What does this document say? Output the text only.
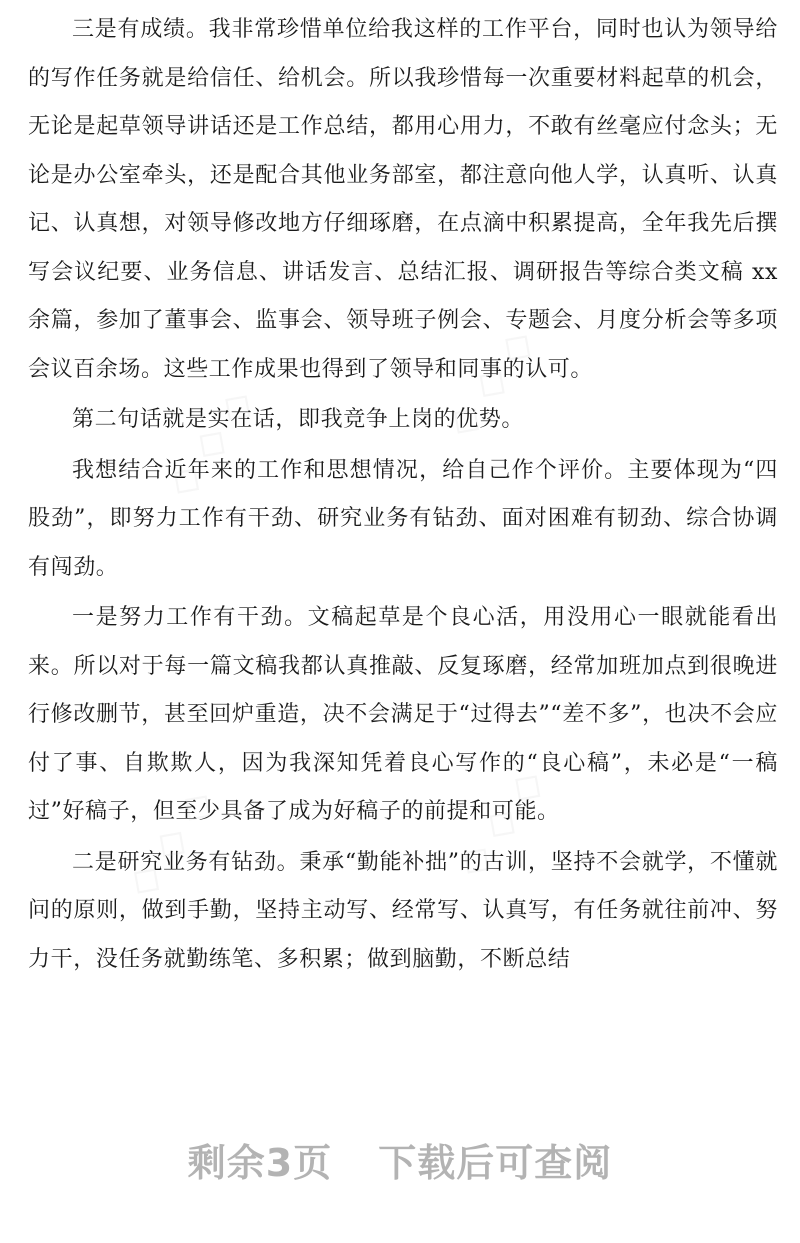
三是有成绩。我非常珍惜单位给我这样的工作平台，同时也认为领导给的写作任务就是给信任、给机会。所以我珍惜每一次重要材料起草的机会，无论是起草领导讲话还是工作总结，都用心用力，不敢有丝毫应付念头；无论是办公室牵头，还是配合其他业务部室，都注意向他人学，认真听、认真记、认真想，对领导修改地方仔细琢磨，在点滴中积累提高，全年我先后撰写会议纪要、业务信息、讲话发言、总结汇报、调研报告等综合类文稿 xx 余篇，参加了董事会、监事会、领导班子例会、专题会、月度分析会等多项会议百余场。这些工作成果也得到了领导和同事的认可。

第二句话就是实在话，即我竞争上岗的优势。

我想结合近年来的工作和思想情况，给自己作个评价。主要体现为“四股劲”，即努力工作有干劲、研究业务有钻劲、面对困难有韧劲、综合协调有闯劲。

一是努力工作有干劲。文稿起草是个良心活，用没用心一眼就能看出来。所以对于每一篇文稿我都认真推敲、反复琢磨，经常加班加点到很晚进行修改删节，甚至回炉重造，决不会满足于“过得去”“差不多”，也决不会应付了事、自欺欺人，因为我深知凭着良心写作的“良心稿”，未必是“一稿过”好稿子，但至少具备了成为好稿子的前提和可能。

二是研究业务有钻劲。秉承“勤能补拙”的古训，坚持不会就学，不懂就问的原则，做到手勤，坚持主动写、经常写、认真写，有任务就往前冲、努力干，没任务就勤练笔、多积累；做到脑勤，不断总结

◇ ◇ ◇	◇ ◇ ◇
◇ ◇ ◇	◇ ◇ ◇
剩余3页 下载后可查阅
